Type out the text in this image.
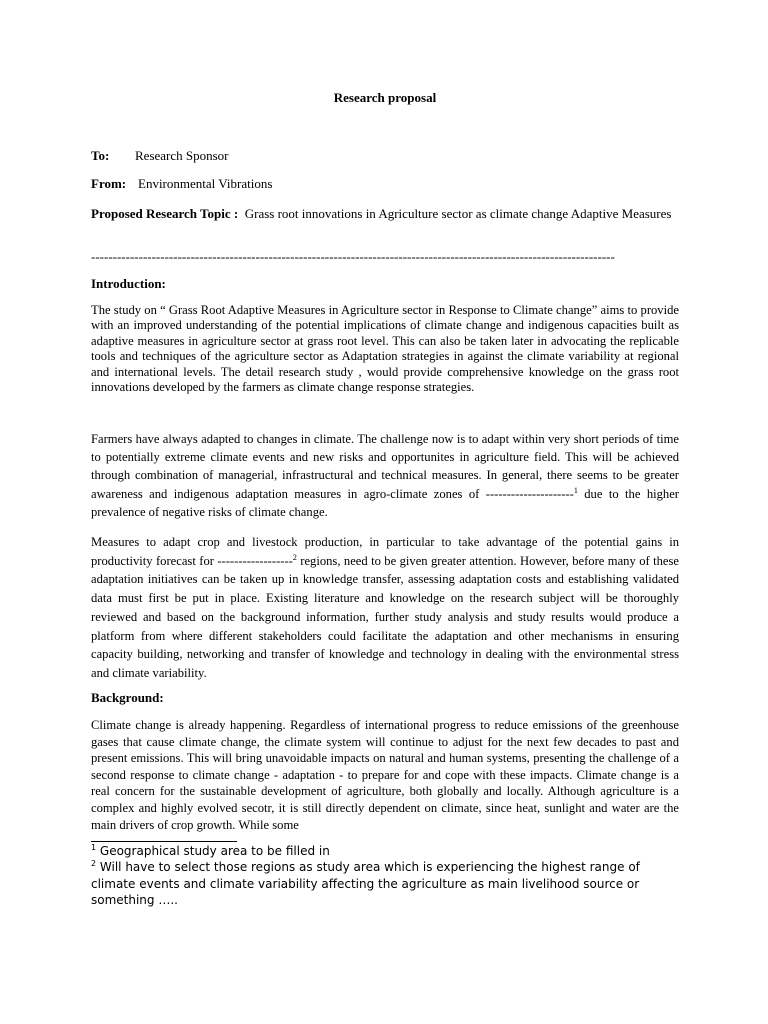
Research proposal
To: Research Sponsor
From: Environmental Vibrations
Proposed Research Topic : Grass root innovations in Agriculture sector as climate change Adaptive Measures
-------------------------------------------------------------------------------------------------------------------------
Introduction:

The study on “ Grass Root Adaptive Measures in Agriculture sector in Response to Climate change” aims to provide with an improved understanding of the potential implications of climate change and indigenous capacities built as adaptive measures in agriculture sector at grass root level. This can also be taken later in advocating the replicable tools and techniques of the agriculture sector as Adaptation strategies in against the climate variability at regional and international levels. The detail research study , would provide comprehensive knowledge on the grass root innovations developed by the farmers as climate change response strategies.

Farmers have always adapted to changes in climate. The challenge now is to adapt within very short periods of time to potentially extreme climate events and new risks and opportunites in agriculture field. This will be achieved through combination of managerial, infrastructural and technical measures. In general, there seems to be greater awareness and indigenous adaptation measures in agro-climate zones of ---------------------$^1$ due to the higher prevalence of negative risks of climate change.

Measures to adapt crop and livestock production, in particular to take advantage of the potential gains in productivity forecast for ------------------$^2$ regions, need to be given greater attention. However, before many of these adaptation initiatives can be taken up in knowledge transfer, assessing adaptation costs and establishing validated data must first be put in place. Existing literature and knowledge on the research subject will be thoroughly reviewed and based on the background information, further study analysis and study results would produce a platform from where different stakeholders could facilitate the adaptation and other mechanisms in ensuring capacity building, networking and transfer of knowledge and technology in dealing with the environmental stress and climate variability.

Background:

Climate change is already happening. Regardless of international progress to reduce emissions of the greenhouse gases that cause climate change, the climate system will continue to adjust for the next few decades to past and present emissions. This will bring unavoidable impacts on natural and human systems, presenting the challenge of a second response to climate change - adaptation - to prepare for and cope with these impacts. Climate change is a real concern for the sustainable development of agriculture, both globally and locally. Although agriculture is a complex and highly evolved secotr, it is still directly dependent on climate, since heat, sunlight and water are the main drivers of crop growth. While some

$^1$ Geographical study area to be filled in

$^2$ Will have to select those regions as study area which is experiencing the highest range of climate events and climate variability affecting the agriculture as main livelihood source or something …..
